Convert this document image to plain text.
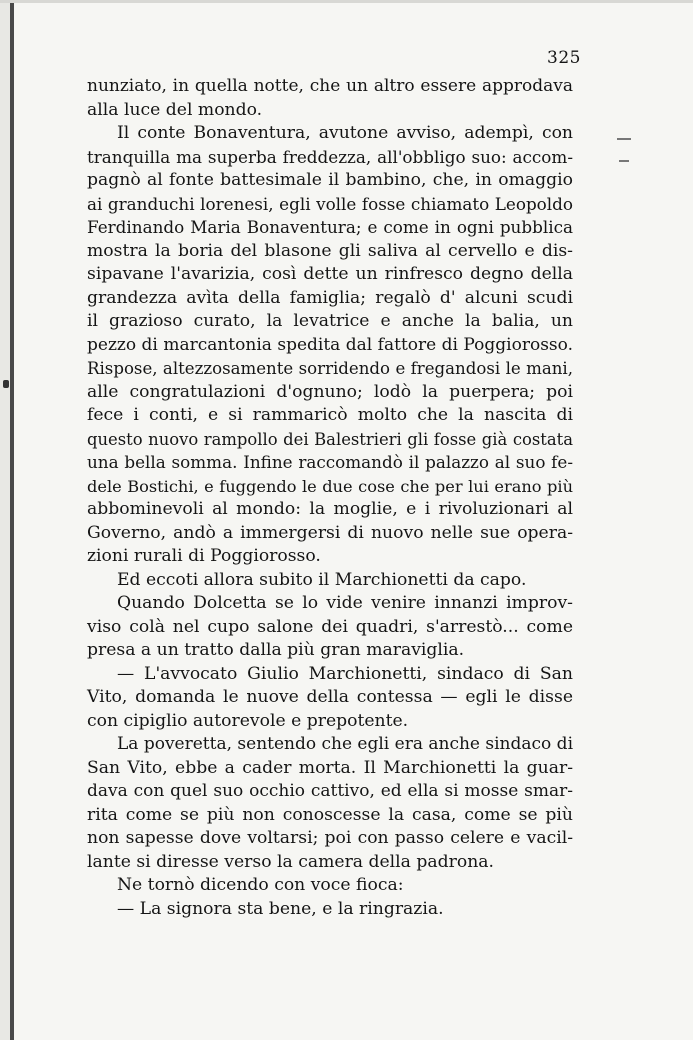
325
nunziato, in quella notte, che un altro essere approdava
alla luce del mondo.
Il conte Bonaventura, avutone avviso, adempì, con
tranquilla ma superba freddezza, all'obbligo suo: accom-
pagnò al fonte battesimale il bambino, che, in omaggio
ai granduchi lorenesi, egli volle fosse chiamato Leopoldo
Ferdinando Maria Bonaventura; e come in ogni pubblica
mostra la boria del blasone gli saliva al cervello e dis-
sipavane l'avarizia, così dette un rinfresco degno della
grandezza avìta della famiglia; regalò d' alcuni scudi
il grazioso curato, la levatrice e anche la balia, un
pezzo di marcantonia spedita dal fattore di Poggiorosso.
Rispose, altezzosamente sorridendo e fregandosi le mani,
alle congratulazioni d'ognuno; lodò la puerpera; poi
fece i conti, e si rammaricò molto che la nascita di
questo nuovo rampollo dei Balestrieri gli fosse già costata
una bella somma. Infine raccomandò il palazzo al suo fe-
dele Bostichi, e fuggendo le due cose che per lui erano più
abbominevoli al mondo: la moglie, e i rivoluzionari al
Governo, andò a immergersi di nuovo nelle sue opera-
zioni rurali di Poggiorosso.
Ed eccoti allora subito il Marchionetti da capo.
Quando Dolcetta se lo vide venire innanzi improv-
viso colà nel cupo salone dei quadri, s'arrestò... come
presa a un tratto dalla più gran maraviglia.
— L'avvocato Giulio Marchionetti, sindaco di San
Vito, domanda le nuove della contessa — egli le disse
con cipiglio autorevole e prepotente.
La poveretta, sentendo che egli era anche sindaco di
San Vito, ebbe a cader morta. Il Marchionetti la guar-
dava con quel suo occhio cattivo, ed ella si mosse smar-
rita come se più non conoscesse la casa, come se più
non sapesse dove voltarsi; poi con passo celere e vacil-
lante si diresse verso la camera della padrona.
Ne tornò dicendo con voce fioca:
— La signora sta bene, e la ringrazia.
